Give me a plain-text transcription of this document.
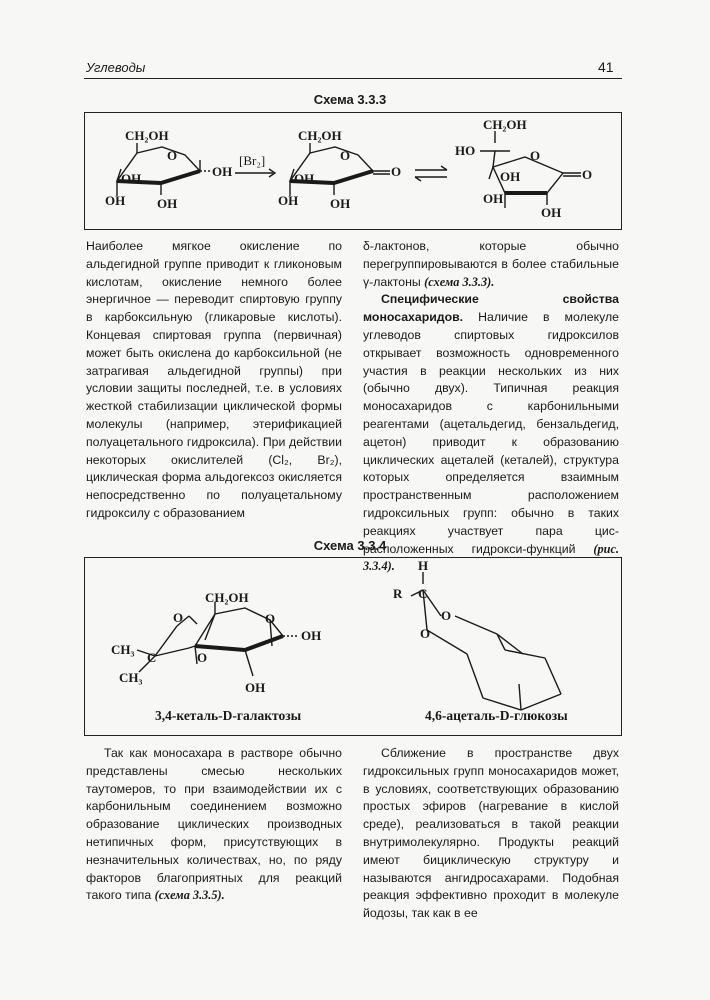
Углеводы	41
Схема 3.3.3
CH₂OH
O
OH
OH
OH OH
[Br₂]
CH₂OH
O
O
OH
OH OH
CH₂OH
HO	O
O
OH
OH
OH

Наиболее мягкое окисление по альдегидной группе приводит к гликоновым кислотам, окисление немного более энергичное — переводит спиртовую группу в карбоксильную (гликаровые кислоты). Концевая спиртовая группа (первичная) может быть окислена до карбоксильной (не затрагивая альдегидной группы) при условии защиты последней, т.е. в условиях жесткой стабилизации циклической формы молекулы (например, этерификацией полуацетального гидроксила). При действии некоторых окислителей (Cl₂, Br₂), циклическая форма альдогексоз окисляется непосредственно по полуацетальному гидроксилу с образованием

δ-лактонов, которые обычно перегруппировываются в более стабильные γ-лактоны (схема 3.3.3).

Специфические свойства моносахаридов. Наличие в молекуле углеводов спиртовых гидроксилов открывает возможность одновременного участия в реакции нескольких из них (обычно двух). Типичная реакция моносахаридов с карбонильными реагентами (ацетальдегид, бензальдегид, ацетон) приводит к образованию циклических ацеталей (кеталей), структура которых определяется взаимным пространственным расположением гидроксильных групп: обычно в таких реакциях участвует пара цис-расположенных гидрокси-функций (рис. 3.3.4).

Схема 3.3.4
CH₂OH
O
OH
O
O
C
CH₃
CH₃
OH
3,4-кеталь-D-галактозы
H
R C
O
O
4,6-ацеталь-D-глюкозы

Так как моносахара в растворе обычно представлены смесью нескольких таутомеров, то при взаимодействии их с карбонильным соединением возможно образование циклических производных нетипичных форм, присутствующих в незначительных количествах, но, по ряду факторов благоприятных для реакций такого типа (схема 3.3.5).

Сближение в пространстве двух гидроксильных групп моносахаридов может, в условиях, соответствующих образованию простых эфиров (нагревание в кислой среде), реализоваться в такой реакции внутримолекулярно. Продукты реакций имеют бициклическую структуру и называются ангидросахарами. Подобная реакция эффективно проходит в молекуле йодозы, так как в ее
